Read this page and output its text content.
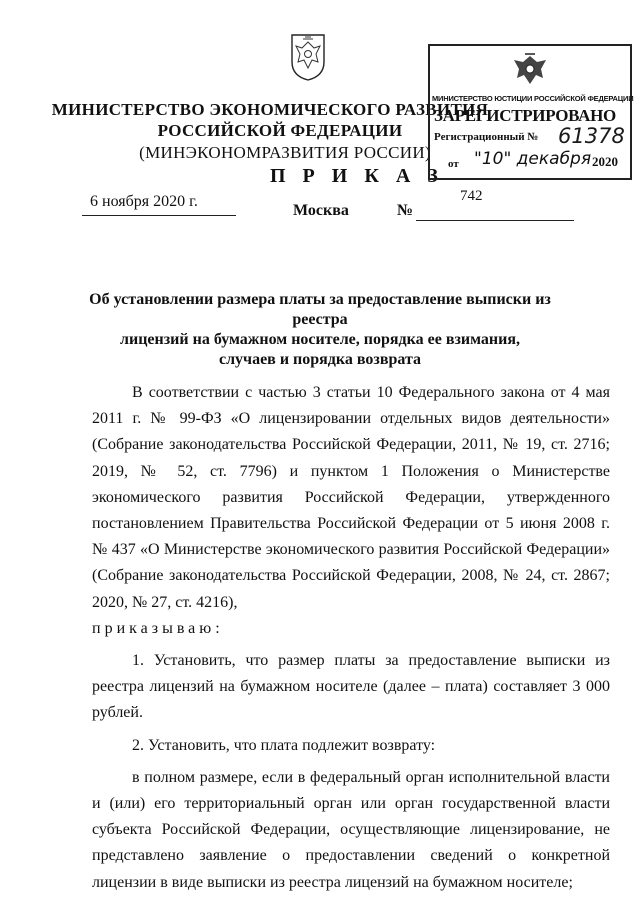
МИНИСТЕРСТВО ЭКОНОМИЧЕСКОГО РАЗВИТИЯ
РОССИЙСКОЙ ФЕДЕРАЦИИ
(МИНЭКОНОМРАЗВИТИЯ РОССИИ)
П Р И К А З
МИНИСТЕРСТВО ЮСТИЦИИ РОССИЙСКОЙ ФЕДЕРАЦИИ
ЗАРЕГИСТРИРОВАНО
Регистрационный № 61378
от "10" декабря 2020
6 ноября 2020 г.
Москва	№
742
Об установлении размера платы за предоставление выписки из реестра
лицензий на бумажном носителе, порядка ее взимания,
случаев и порядка возврата

В соответствии с частью 3 статьи 10 Федерального закона от 4 мая 2011 г. № 99-ФЗ «О лицензировании отдельных видов деятельности» (Собрание законодательства Российской Федерации, 2011, № 19, ст. 2716; 2019, № 52, ст. 7796) и пунктом 1 Положения о Министерстве экономического развития Российской Федерации, утвержденного постановлением Правительства Российской Федерации от 5 июня 2008 г. № 437 «О Министерстве экономического развития Российской Федерации» (Собрание законодательства Российской Федерации, 2008, № 24, ст. 2867; 2020, № 27, ст. 4216),

приказываю:

1. Установить, что размер платы за предоставление выписки из реестра лицензий на бумажном носителе (далее – плата) составляет 3 000 рублей.

2. Установить, что плата подлежит возврату:

в полном размере, если в федеральный орган исполнительной власти и (или) его территориальный орган или орган государственной власти субъекта Российской Федерации, осуществляющие лицензирование, не представлено заявление о предоставлении сведений о конкретной лицензии в виде выписки из реестра лицензий на бумажном носителе;
